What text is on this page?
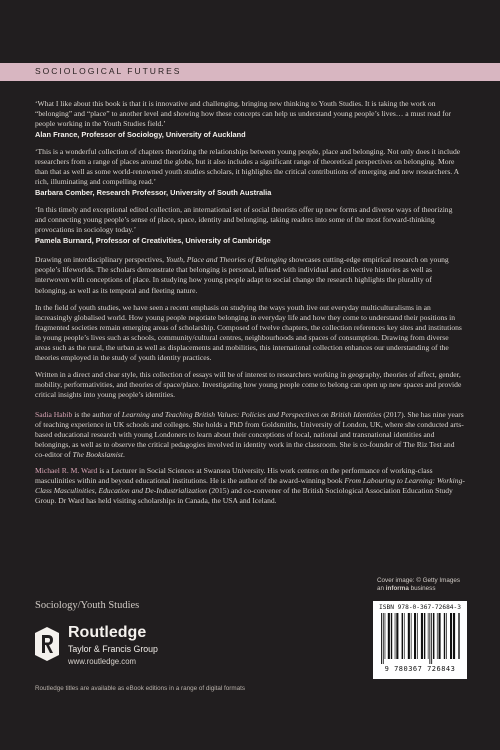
SOCIOLOGICAL FUTURES

‘What I like about this book is that it is innovative and challenging, bringing new thinking to Youth Studies. It is taking the work on “belonging” and “place” to another level and showing how these concepts can help us understand young people’s lives… a must read for people working in the Youth Studies field.’

Alan France, Professor of Sociology, University of Auckland

‘This is a wonderful collection of chapters theorizing the relationships between young people, place and belonging. Not only does it include researchers from a range of places around the globe, but it also includes a significant range of theoretical perspectives on belonging. More than that as well as some world-renowned youth studies scholars, it highlights the critical contributions of emerging and new researchers. A rich, illuminating and compelling read.’

Barbara Comber, Research Professor, University of South Australia

‘In this timely and exceptional edited collection, an international set of social theorists offer up new forms and diverse ways of theorizing and connecting young people’s sense of place, space, identity and belonging, taking readers into some of the most forward-thinking provocations in sociology today.’

Pamela Burnard, Professor of Creativities, University of Cambridge

Drawing on interdisciplinary perspectives, Youth, Place and Theories of Belonging showcases cutting-edge empirical research on young people’s lifeworlds. The scholars demonstrate that belonging is personal, infused with individual and collective histories as well as interwoven with conceptions of place. In studying how young people adapt to social change the research highlights the plurality of belonging, as well as its temporal and fleeting nature.

In the field of youth studies, we have seen a recent emphasis on studying the ways youth live out everyday multiculturalisms in an increasingly globalised world. How young people negotiate belonging in everyday life and how they come to understand their positions in fragmented societies remain emerging areas of scholarship. Composed of twelve chapters, the collection references key sites and institutions in young people’s lives such as schools, community/cultural centres, neighbourhoods and spaces of consumption. Drawing from diverse areas such as the rural, the urban as well as displacements and mobilities, this international collection enhances our understanding of the theories employed in the study of youth identity practices.

Written in a direct and clear style, this collection of essays will be of interest to researchers working in geography, theories of affect, gender, mobility, performativities, and theories of space/place. Investigating how young people come to belong can open up new spaces and provide critical insights into young people’s identities.

Sadia Habib is the author of Learning and Teaching British Values: Policies and Perspectives on British Identities (2017). She has nine years of teaching experience in UK schools and colleges. She holds a PhD from Goldsmiths, University of London, UK, where she conducted arts-based educational research with young Londoners to learn about their conceptions of local, national and transnational identities and belongings, as well as to observe the critical pedagogies involved in identity work in the classroom. She is co-founder of The Riz Test and co-editor of The Bookslamist.

Michael R. M. Ward is a Lecturer in Social Sciences at Swansea University. His work centres on the performance of working-class masculinities within and beyond educational institutions. He is the author of the award-winning book From Labouring to Learning: Working-Class Masculinities, Education and De-Industrialization (2015) and co-convener of the British Sociological Association Education Study Group. Dr Ward has held visiting scholarships in Canada, the USA and Iceland.

Sociology/Youth Studies
Routledge
Taylor & Francis Group
www.routledge.com
Routledge titles are available as eBook editions in a range of digital formats
Cover image: © Getty Images
an informa business
ISBN 978-0-367-72684-3
9 780367 726843
